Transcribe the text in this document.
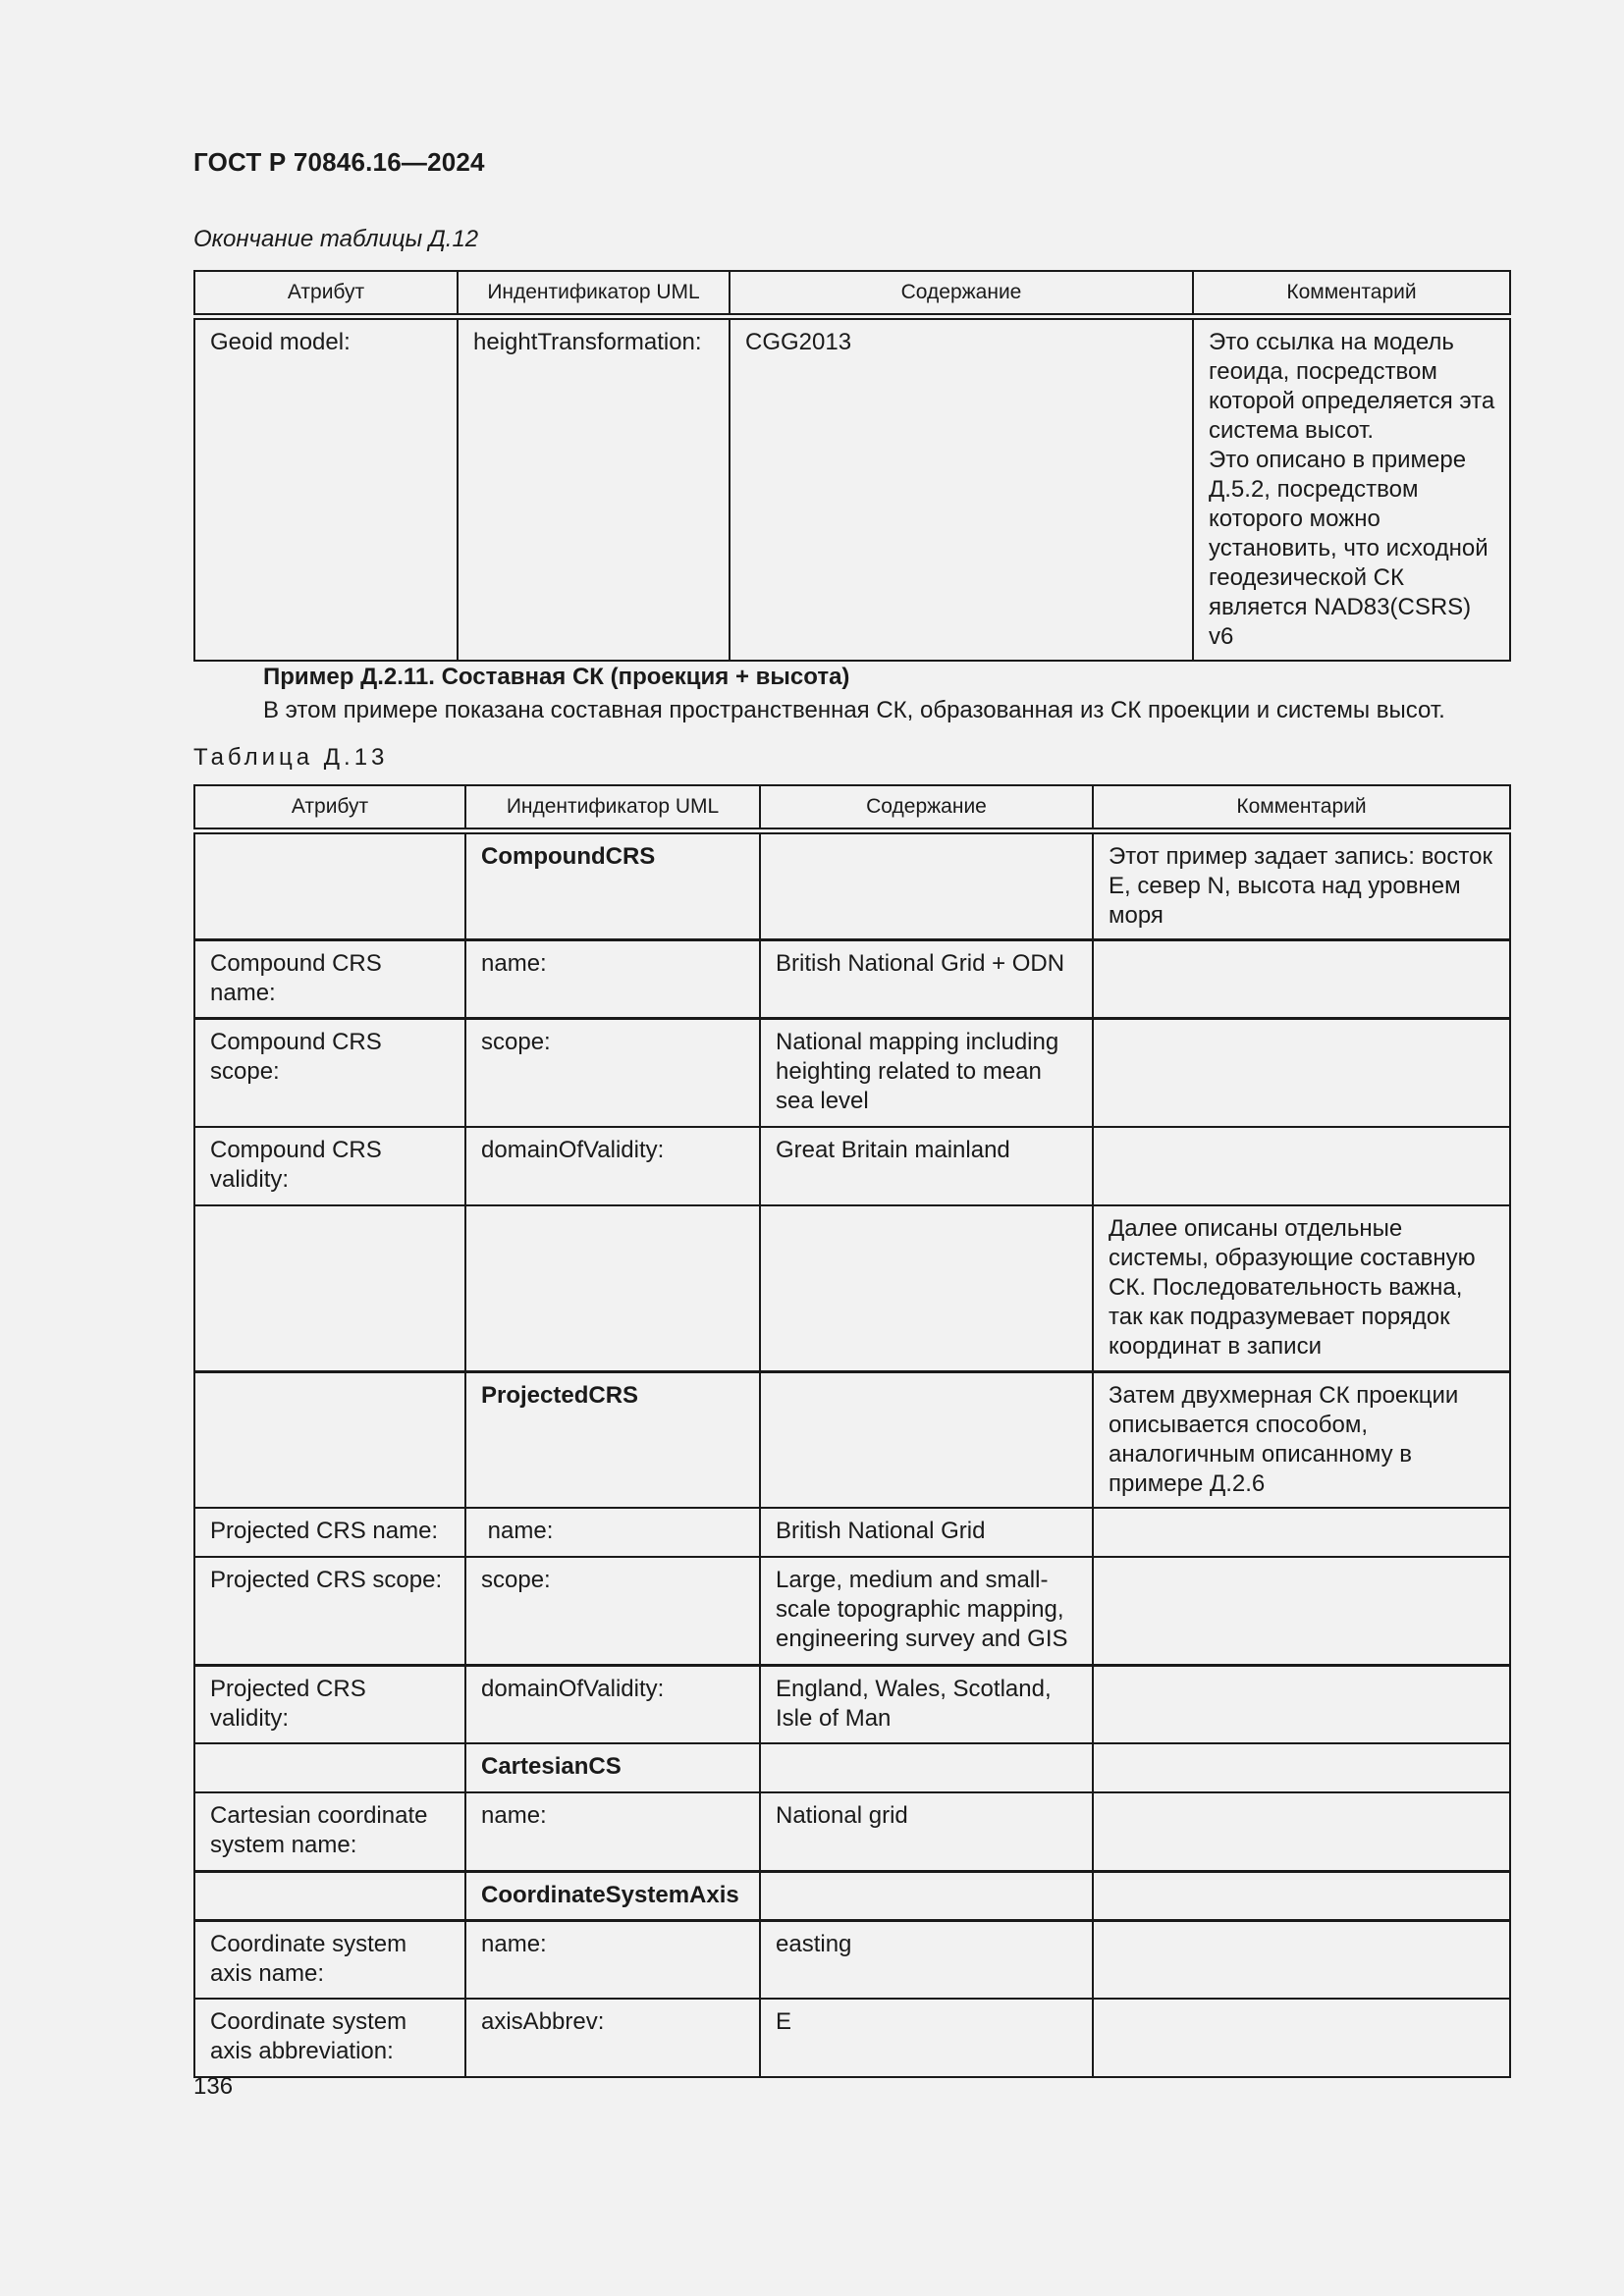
ГОСТ Р 70846.16—2024
Окончание таблицы Д.12
Атрибут	Индентификатор UML	Содержание	Комментарий
Geoid model:	heightTransformation:	CGG2013	Это ссылка на модель геоида, посредством которой определяется эта система высот.
Это описано в примере Д.5.2, посредством которого можно установить, что исходной геодезической СК является NAD83(CSRS) v6
Пример Д.2.11. Составная СК (проекция + высота)
В этом примере показана составная пространственная СК, образованная из СК проекции и системы высот.
Таблица Д.13
Атрибут	Индентификатор UML	Содержание	Комментарий
	CompoundCRS		Этот пример задает запись: восток E, север N, высота над уровнем моря
Compound CRS name:	name:	British National Grid + ODN	
Compound CRS scope:	scope:	National mapping including heighting related to mean sea level	
Compound CRS validity:	domainOfValidity:	Great Britain mainland	
			Далее описаны отдельные системы, образующие составную СК. Последовательность важна, так как подразумевает порядок координат в записи
	ProjectedCRS		Затем двухмерная СК проекции описывается способом, аналогичным описанному в примере Д.2.6
Projected CRS name:	name:	British National Grid	
Projected CRS scope:	scope:	Large, medium and small-scale topographic mapping, engineering survey and GIS	
Projected CRS validity:	domainOfValidity:	England, Wales, Scotland, Isle of Man	
	CartesianCS		
Cartesian coordinate system name:	name:	National grid	
	CoordinateSystemAxis		
Coordinate system axis name:	name:	easting	
Coordinate system axis abbreviation:	axisAbbrev:	E	
136
